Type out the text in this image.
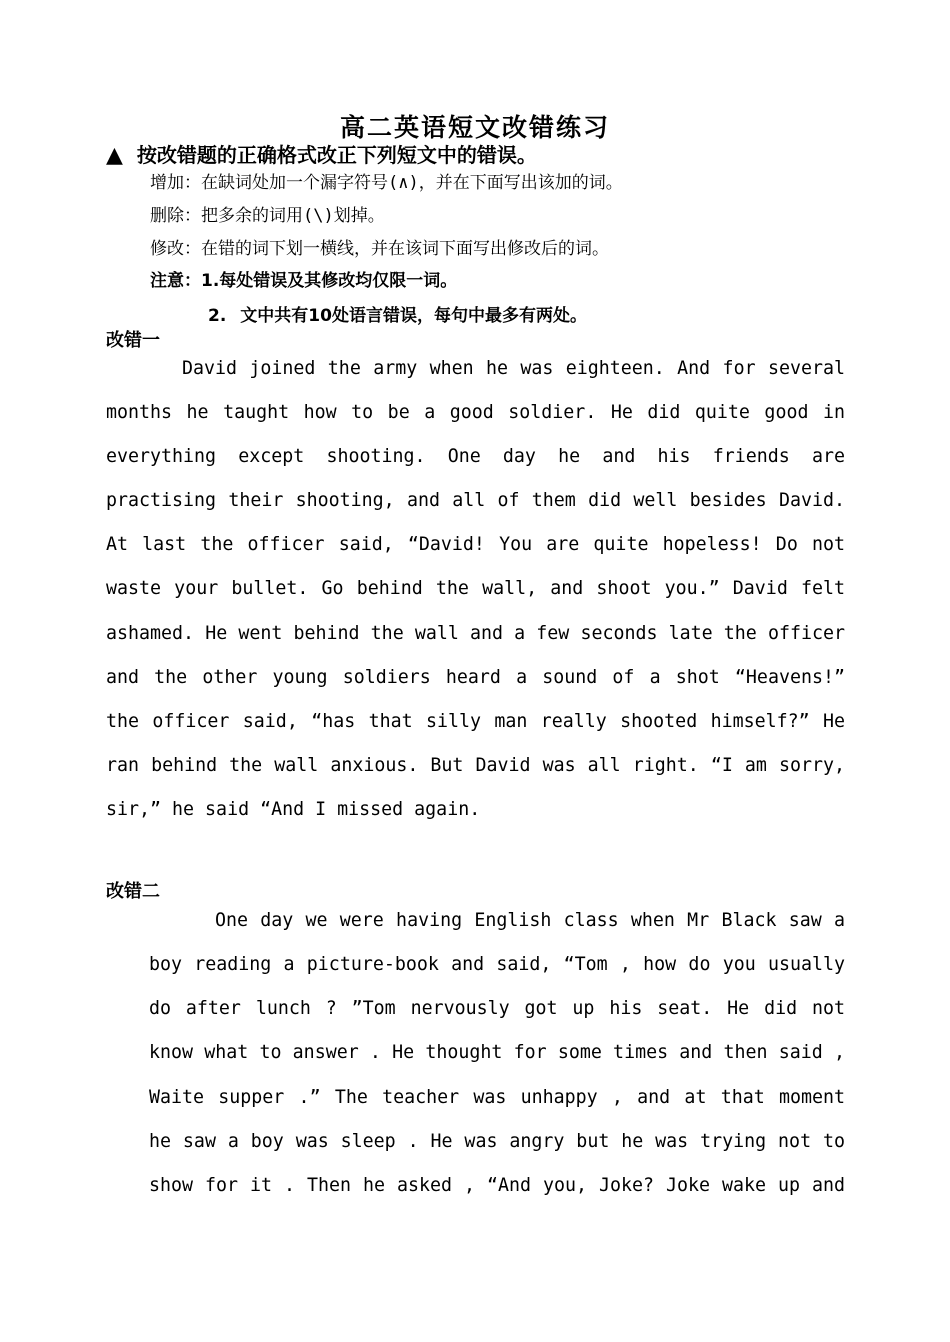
高二英语短文改错练习
▲ 按改错题的正确格式改正下列短文中的错误。
增加：在缺词处加一个漏字符号(∧)，并在下面写出该加的词。
删除：把多余的词用(\)划掉。
修改：在错的词下划一横线，并在该词下面写出修改后的词。
注意：1.每处错误及其修改均仅限一词。
2. 文中共有10处语言错误，每句中最多有两处。
改错一
David joined the army when he was eighteen. And for several
months he taught how to be a good soldier. He did quite good in
everything except shooting. One day he and his friends are
practising their shooting, and all of them did well besides David.
At last the officer said, “David! You are quite hopeless! Do not
waste your bullet. Go behind the wall, and shoot you.” David felt
ashamed. He went behind the wall and a few seconds late the officer
and the other young soldiers heard a sound of a shot “Heavens!”
the officer said, “has that silly man really shooted himself?” He
ran behind the wall anxious. But David was all right. “I am sorry,
sir,” he said “And I missed again.
改错二
One day we were having English class when Mr Black saw a
boy reading a picture-book and said, “Tom , how do you usually
do after lunch ? ”Tom nervously got up his seat. He did not
know what to answer . He thought for some times and then said ,
Waite supper .” The teacher was unhappy , and at that moment
he saw a boy was sleep . He was angry but he was trying not to
show for it . Then he asked , “And you, Joke? Joke wake up and
